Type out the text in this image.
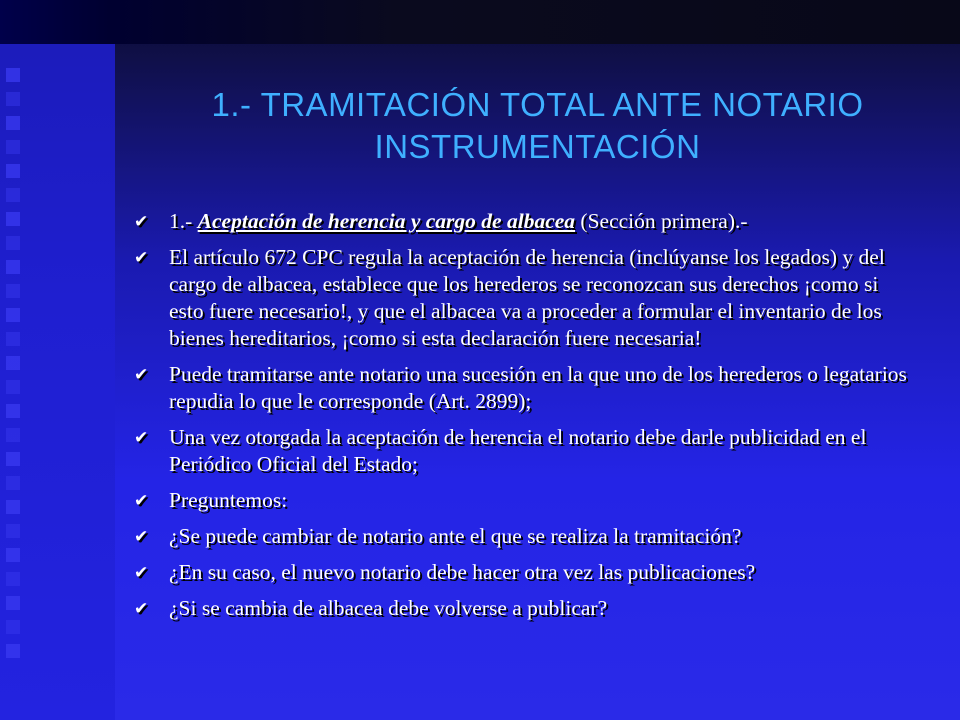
1.- TRAMITACIÓN TOTAL ANTE NOTARIO
INSTRUMENTACIÓN
✔ 1.- Aceptación de herencia y cargo de albacea (Sección primera).-
✔ El artículo 672 CPC regula la aceptación de herencia (inclúyanse los legados) y del cargo de albacea, establece que los herederos se reconozcan sus derechos ¡como si esto fuere necesario!, y que el albacea va a proceder a formular el inventario de los bienes hereditarios, ¡como si esta declaración fuere necesaria!
✔ Puede tramitarse ante notario una sucesión en la que uno de los herederos o legatarios repudia lo que le corresponde (Art. 2899);
✔ Una vez otorgada la aceptación de herencia el notario debe darle publicidad en el Periódico Oficial del Estado;
✔ Preguntemos:
✔ ¿Se puede cambiar de notario ante el que se realiza la tramitación?
✔ ¿En su caso, el nuevo notario debe hacer otra vez las publicaciones?
✔ ¿Si se cambia de albacea debe volverse a publicar?
